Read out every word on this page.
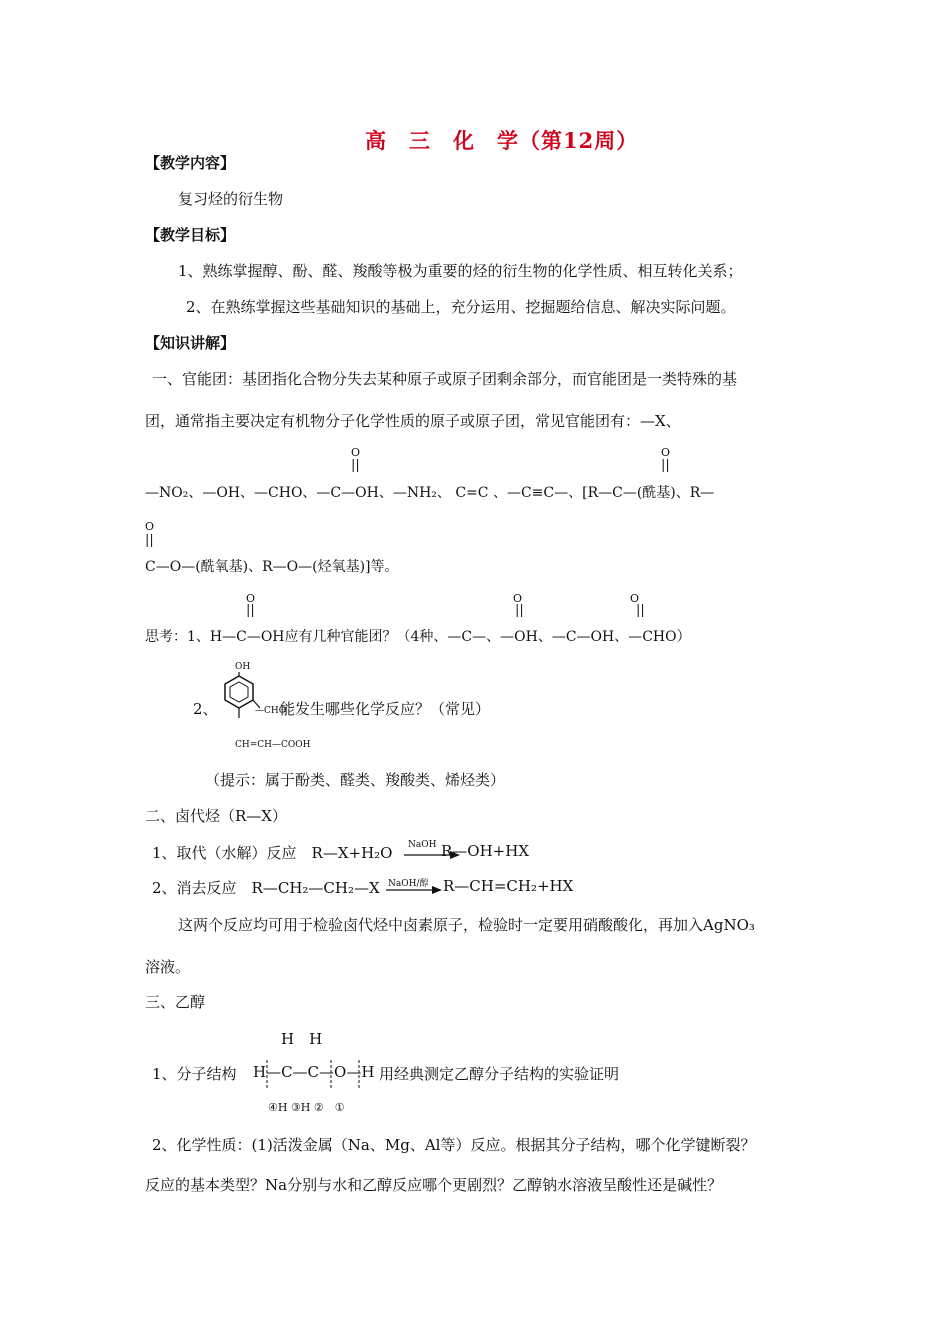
高　三　化　学（第12周）
【教学内容】
复习烃的衍生物
【教学目标】
1、熟练掌握醇、酚、醛、羧酸等极为重要的烃的衍生物的化学性质、相互转化关系；
2、在熟练掌握这些基础知识的基础上，充分运用、挖掘题给信息、解决实际问题。
【知识讲解】
一、官能团：基团指化合物分失去某种原子或原子团剩余部分，而官能团是一类特殊的基
团，通常指主要决定有机物分子化学性质的原子或原子团，常见官能团有：—X、
O
||
O
||
—NO₂、—OH、—CHO、—C—OH、—NH₂、 C=C 、—C≡C—、[R—C—(酰基)、R—
O
||
C—O—(酰氧基)、R—O—(烃氧基)]等。
O
||
O
||
O
||
思考：1、H—C—OH应有几种官能团？（4种、—C—、—OH、—C—OH、—CHO）
OH
2、	—CHO
能发生哪些化学反应？（常见）
CH=CH—COOH
（提示：属于酚类、醛类、羧酸类、烯烃类）
二、卤代烃（R—X）
1、取代（水解）反应　R—X+H₂O NaOH R—OH+HX
2、消去反应　R—CH₂—CH₂—X NaOH/醇 → R—CH=CH₂+HX
这两个反应均可用于检验卤代烃中卤素原子，检验时一定要用硝酸酸化，再加入AgNO₃
溶液。
三、乙醇
H　H
1、分子结构 H—C—C—O—H 用经典测定乙醇分子结构的实验证明
④H ③H ②　①
2、化学性质：(1)活泼金属（Na、Mg、Al等）反应。根据其分子结构，哪个化学键断裂？
反应的基本类型？Na分别与水和乙醇反应哪个更剧烈？乙醇钠水溶液呈酸性还是碱性？
